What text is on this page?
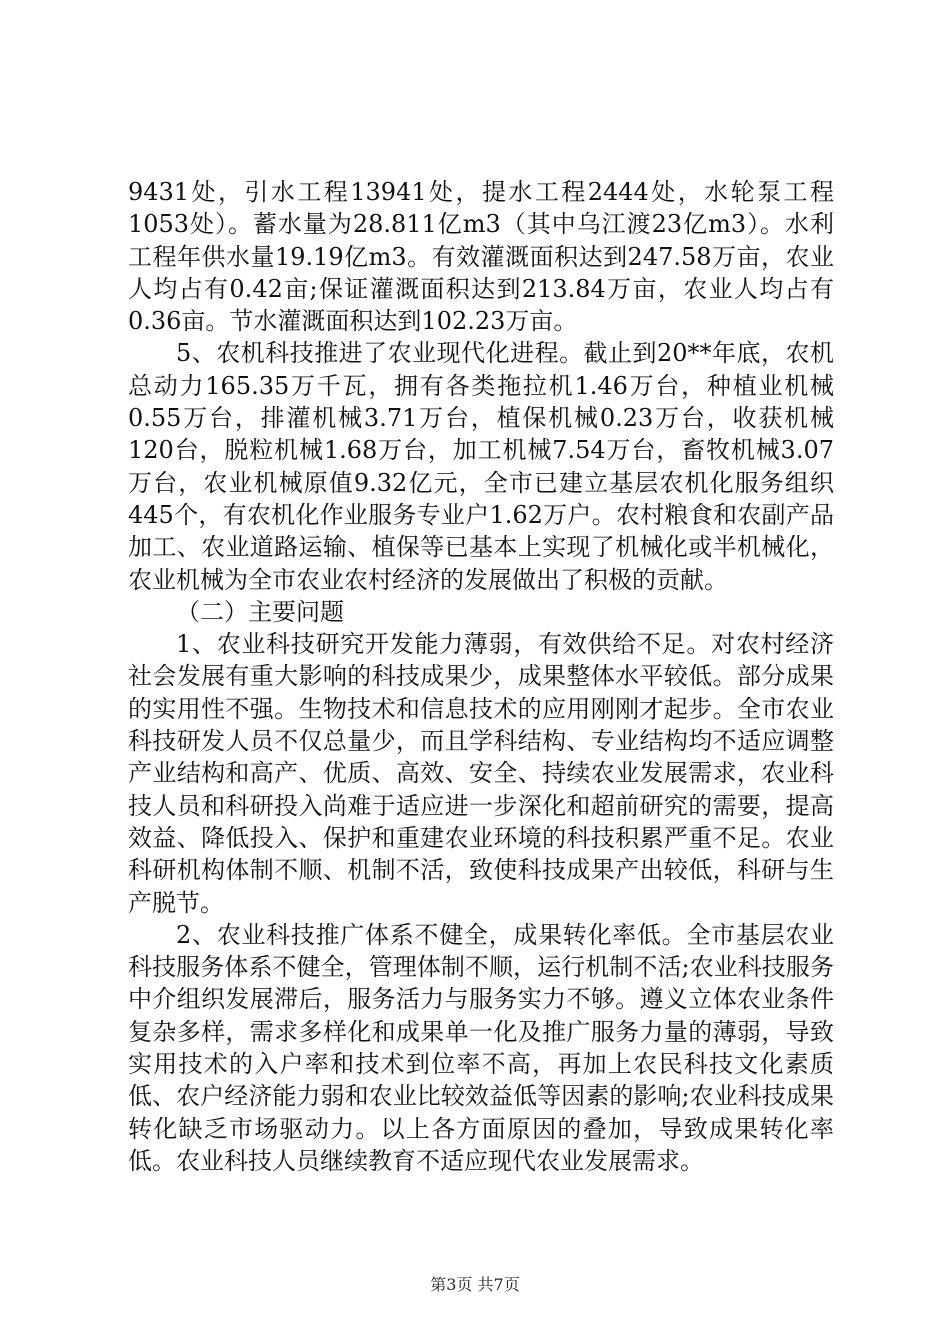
9431处，引水工程13941处，提水工程2444处，水轮泵工程1053处）。蓄水量为28.811亿m3（其中乌江渡23亿m3）。水利工程年供水量19.19亿m3。有效灌溉面积达到247.58万亩，农业人均占有0.42亩;保证灌溉面积达到213.84万亩，农业人均占有0.36亩。节水灌溉面积达到102.23万亩。

5、农机科技推进了农业现代化进程。截止到20**年底，农机总动力165.35万千瓦，拥有各类拖拉机1.46万台，种植业机械0.55万台，排灌机械3.71万台，植保机械0.23万台，收获机械120台，脱粒机械1.68万台，加工机械7.54万台，畜牧机械3.07万台，农业机械原值9.32亿元，全市已建立基层农机化服务组织445个，有农机化作业服务专业户1.62万户。农村粮食和农副产品加工、农业道路运输、植保等已基本上实现了机械化或半机械化，农业机械为全市农业农村经济的发展做出了积极的贡献。

（二）主要问题

1、农业科技研究开发能力薄弱，有效供给不足。对农村经济社会发展有重大影响的科技成果少，成果整体水平较低。部分成果的实用性不强。生物技术和信息技术的应用刚刚才起步。全市农业科技研发人员不仅总量少，而且学科结构、专业结构均不适应调整产业结构和高产、优质、高效、安全、持续农业发展需求，农业科技人员和科研投入尚难于适应进一步深化和超前研究的需要，提高效益、降低投入、保护和重建农业环境的科技积累严重不足。农业科研机构体制不顺、机制不活，致使科技成果产出较低，科研与生产脱节。

2、农业科技推广体系不健全，成果转化率低。全市基层农业科技服务体系不健全，管理体制不顺，运行机制不活;农业科技服务中介组织发展滞后，服务活力与服务实力不够。遵义立体农业条件复杂多样，需求多样化和成果单一化及推广服务力量的薄弱，导致实用技术的入户率和技术到位率不高，再加上农民科技文化素质低、农户经济能力弱和农业比较效益低等因素的影响;农业科技成果转化缺乏市场驱动力。以上各方面原因的叠加，导致成果转化率低。农业科技人员继续教育不适应现代农业发展需求。

第3页 共7页
